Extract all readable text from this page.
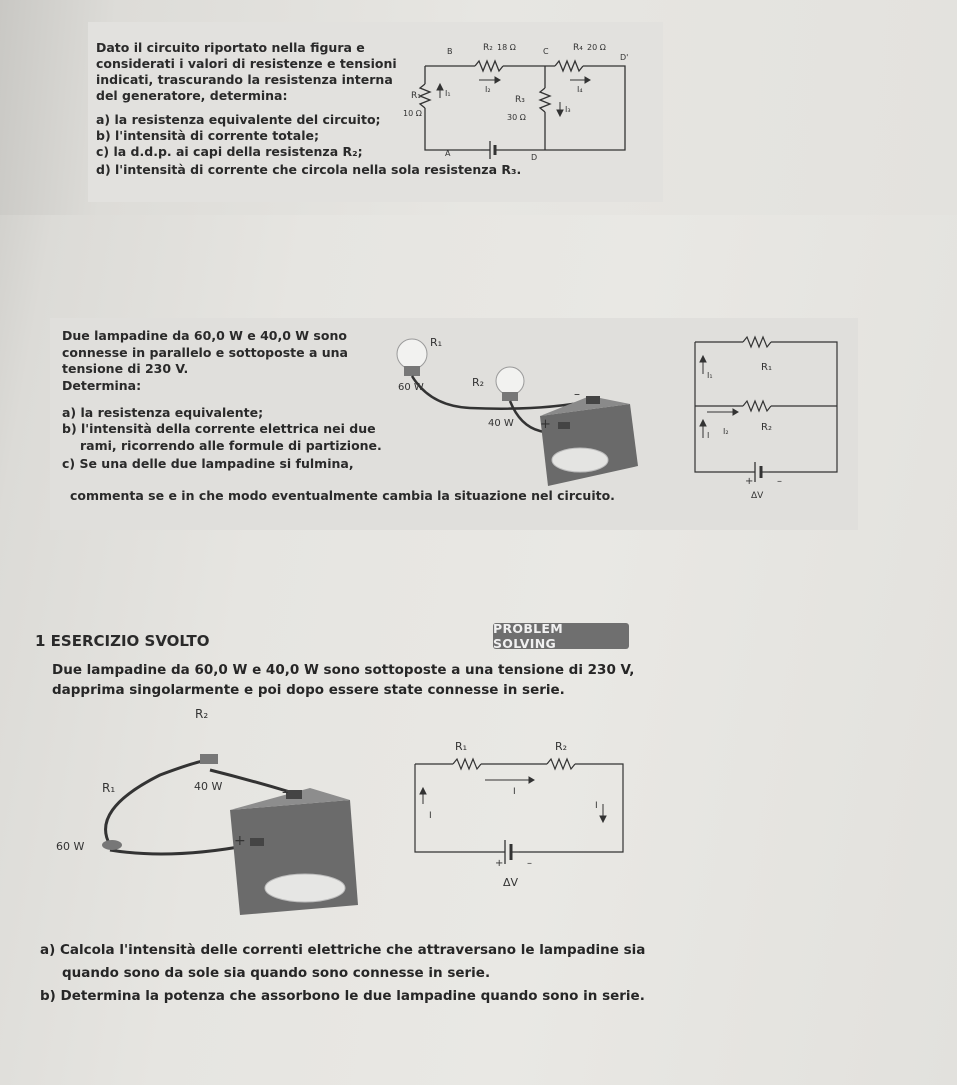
Dato il circuito riportato nella figura e

considerati i valori di resistenze e tensioni

indicati, trascurando la resistenza interna

del generatore, determina:

a) la resistenza equivalente del circuito;

b) l'intensità di corrente totale;

c) la d.d.p. ai capi della resistenza R₂;

d) l'intensità di corrente che circola nella sola resistenza R₃.

B	C
D'
A	D
R₂ 18 Ω	R₄ 20 Ω
R₁
10 Ω
R₃
30 Ω
I₂	I₄
I₁
I₃

Due lampadine da 60,0 W e 40,0 W sono

connesse in parallelo e sottoposte a una

tensione di 230 V.

Determina:

a) la resistenza equivalente;

b) l'intensità della corrente elettrica nei due

rami, ricorrendo alle formule di partizione.

c) Se una delle due lampadine si fulmina,

commenta se e in che modo eventualmente cambia la situazione nel circuito.

R₁
60 W	R₂
40 W +
–
R₁
R₂
I₁
I₂
I
+ –
ΔV

1 ESERCIZIO SVOLTO

PROBLEM SOLVING

Due lampadine da 60,0 W e 40,0 W sono sottoposte a una tensione di 230 V,

dapprima singolarmente e poi dopo essere state connesse in serie.

R₂
R₁	40 W
60 W	+
–
R₁	R₂
I
I
I
+ –
ΔV

a) Calcola l'intensità delle correnti elettriche che attraversano le lampadine sia

quando sono da sole sia quando sono connesse in serie.

b) Determina la potenza che assorbono le due lampadine quando sono in serie.
